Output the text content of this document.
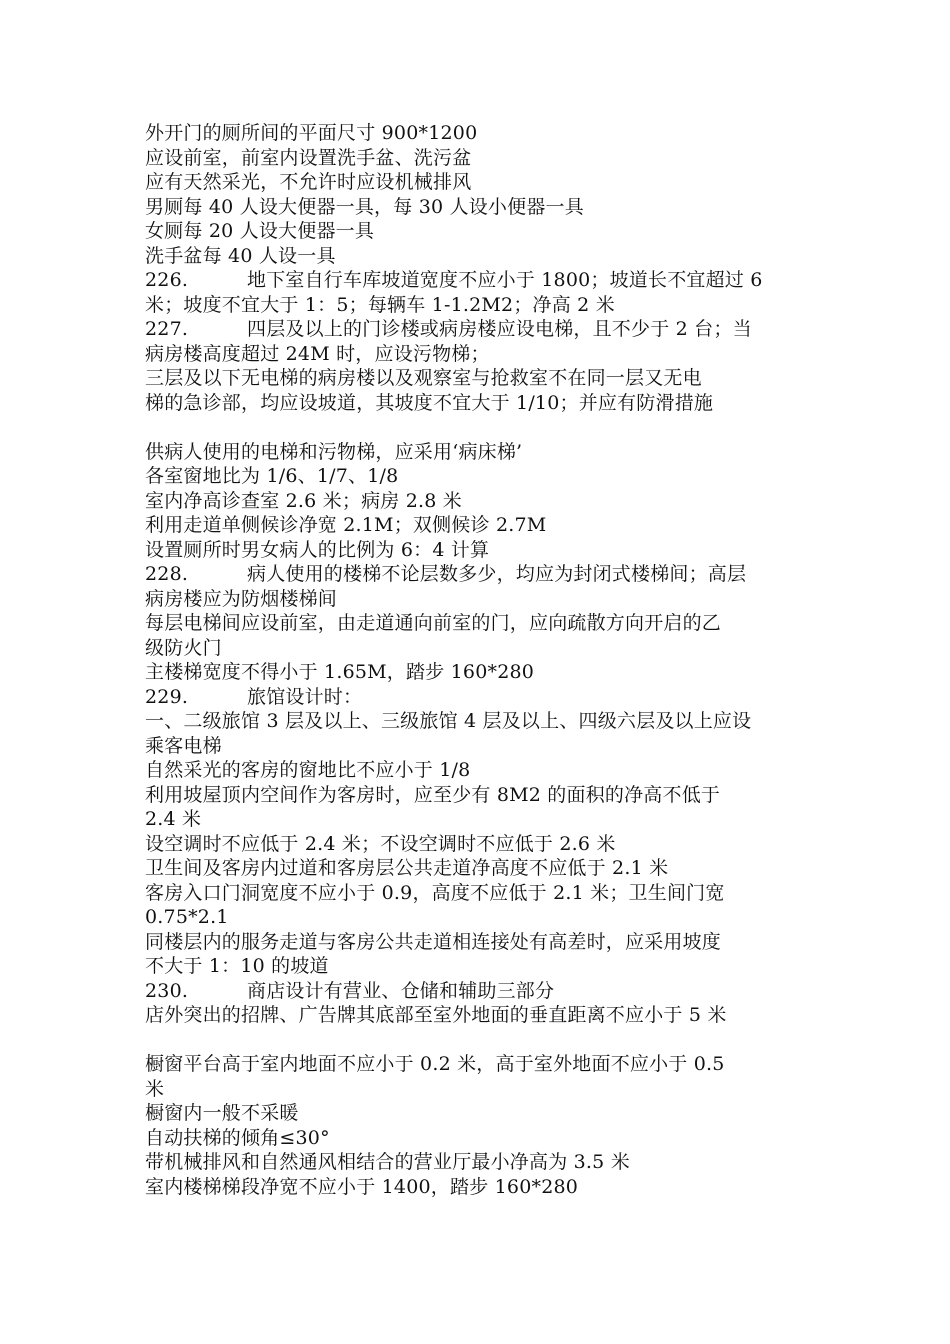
外开门的厕所间的平面尺寸 900*1200
应设前室，前室内设置洗手盆、洗污盆
应有天然采光，不允许时应设机械排风
男厕每 40 人设大便器一具，每 30 人设小便器一具
女厕每 20 人设大便器一具
洗手盆每 40 人设一具
226.	地下室自行车库坡道宽度不应小于 1800；坡道长不宜超过 6
米；坡度不宜大于 1：5；每辆车 1-1.2M2；净高 2 米
227.	四层及以上的门诊楼或病房楼应设电梯，且不少于 2 台；当
病房楼高度超过 24M 时，应设污物梯；
三层及以下无电梯的病房楼以及观察室与抢救室不在同一层又无电
梯的急诊部，均应设坡道，其坡度不宜大于 1/10；并应有防滑措施
供病人使用的电梯和污物梯，应采用‘病床梯’
各室窗地比为 1/6、1/7、1/8
室内净高诊查室 2.6 米；病房 2.8 米
利用走道单侧候诊净宽 2.1M；双侧候诊 2.7M
设置厕所时男女病人的比例为 6：4 计算
228.	病人使用的楼梯不论层数多少，均应为封闭式楼梯间；高层
病房楼应为防烟楼梯间
每层电梯间应设前室，由走道通向前室的门，应向疏散方向开启的乙
级防火门
主楼梯宽度不得小于 1.65M，踏步 160*280
229.	旅馆设计时：
一、二级旅馆 3 层及以上、三级旅馆 4 层及以上、四级六层及以上应设
乘客电梯
自然采光的客房的窗地比不应小于 1/8
利用坡屋顶内空间作为客房时，应至少有 8M2 的面积的净高不低于
2.4 米
设空调时不应低于 2.4 米；不设空调时不应低于 2.6 米
卫生间及客房内过道和客房层公共走道净高度不应低于 2.1 米
客房入口门洞宽度不应小于 0.9，高度不应低于 2.1 米；卫生间门宽
0.75*2.1
同楼层内的服务走道与客房公共走道相连接处有高差时，应采用坡度
不大于 1：10 的坡道
230.	商店设计有营业、仓储和辅助三部分
店外突出的招牌、广告牌其底部至室外地面的垂直距离不应小于 5 米
橱窗平台高于室内地面不应小于 0.2 米，高于室外地面不应小于 0.5
米
橱窗内一般不采暖
自动扶梯的倾角≤30°
带机械排风和自然通风相结合的营业厅最小净高为 3.5 米
室内楼梯梯段净宽不应小于 1400，踏步 160*280
